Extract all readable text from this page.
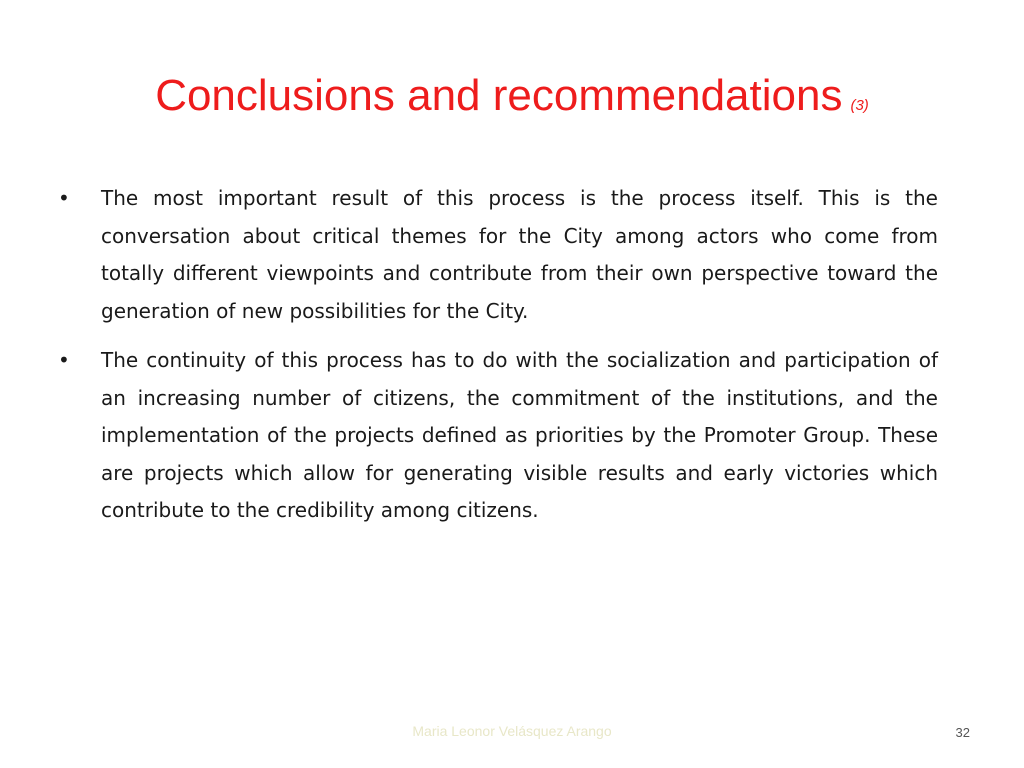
Conclusions and recommendations (3)
• The most important result of this process is the process itself. This is the conversation about critical themes for the City among actors who come from totally different viewpoints and contribute from their own perspective toward the generation of new possibilities for the City.
• The continuity of this process has to do with the socialization and participation of an increasing number of citizens, the commitment of the institutions, and the implementation of the projects defined as priorities by the Promoter Group. These are projects which allow for generating visible results and early victories which contribute to the credibility among citizens.
Maria Leonor Velásquez Arango	32
